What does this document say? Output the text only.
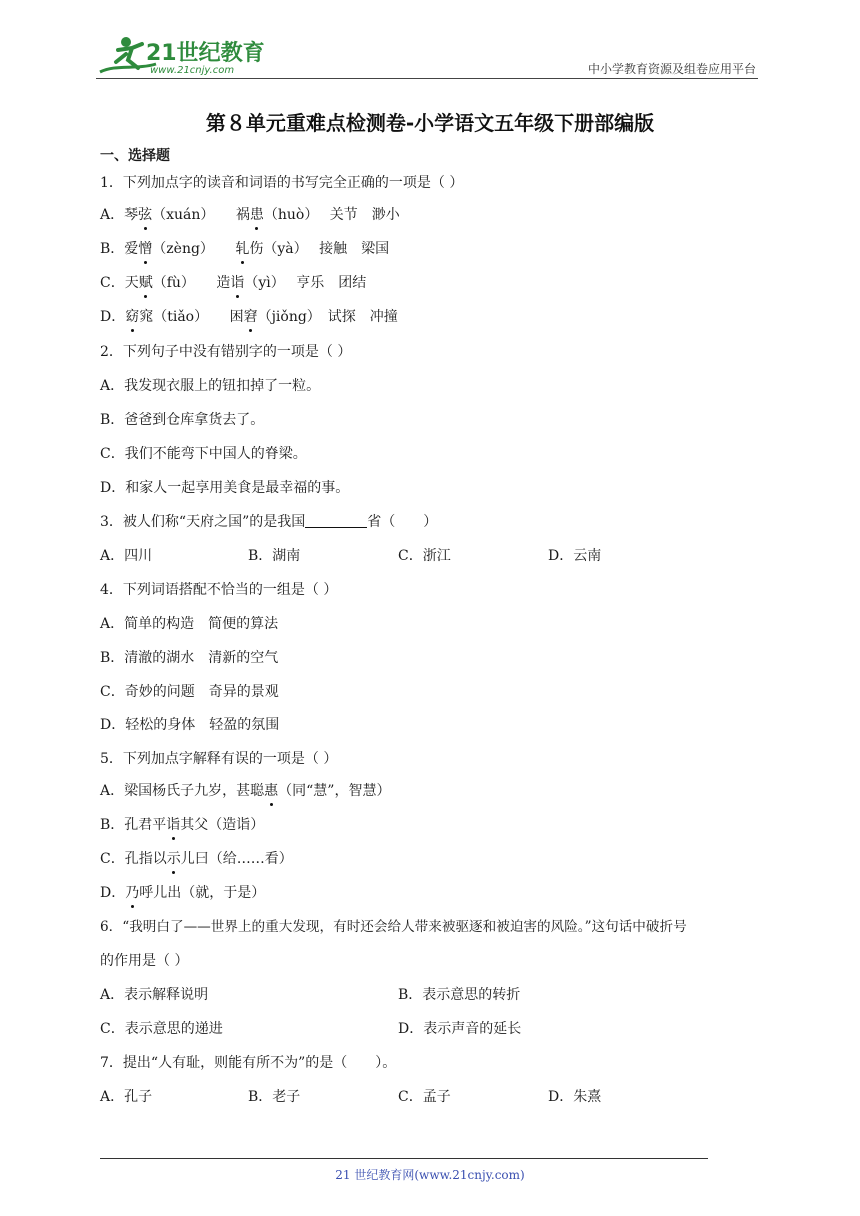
21世纪教育
www.21cnjy.com	中小学教育资源及组卷应用平台
第８单元重难点检测卷-小学语文五年级下册部编版
一、选择题
1．下列加点字的读音和词语的书写完全正确的一项是（ ）
A．琴弦（xuán）　 祸患（huò）　 关节　渺小
B．爱憎（zèng）　 轧伤（yà）　 接触　梁国
C．天赋（fù）　 造诣（yì）　 亨乐　团结
D．窈窕（tiǎo）　 困窘（jiǒng）　试探　冲撞
2．下列句子中没有错别字的一项是（ ）
A．我发现衣服上的钮扣掉了一粒。
B．爸爸到仓库拿货去了。
C．我们不能弯下中国人的脊梁。
D．和家人一起享用美食是最幸福的事。
3．被人们称“天府之国”的是我国	省（　　）
A．四川	B．湖南	C．浙江	D．云南
4．下列词语搭配不恰当的一组是（ ）
A．简单的构造　简便的算法
B．清澈的湖水　清新的空气
C．奇妙的问题　奇异的景观
D．轻松的身体　轻盈的氛围
5．下列加点字解释有误的一项是（ ）
A．梁国杨氏子九岁，甚聪惠（同“慧”，智慧）
B．孔君平诣其父（造诣）
C．孔指以示儿曰（给……看）
D．乃呼儿出（就，于是）
6．“我明白了——世界上的重大发现，有时还会给人带来被驱逐和被迫害的风险。”这句话中破折号
的作用是（ ）
A．表示解释说明	B．表示意思的转折
C．表示意思的递进	D．表示声音的延长
7．提出“人有耻，则能有所不为”的是（　　）。
A．孔子	B．老子	C．孟子	D．朱熹
21 世纪教育网(www.21cnjy.com)
